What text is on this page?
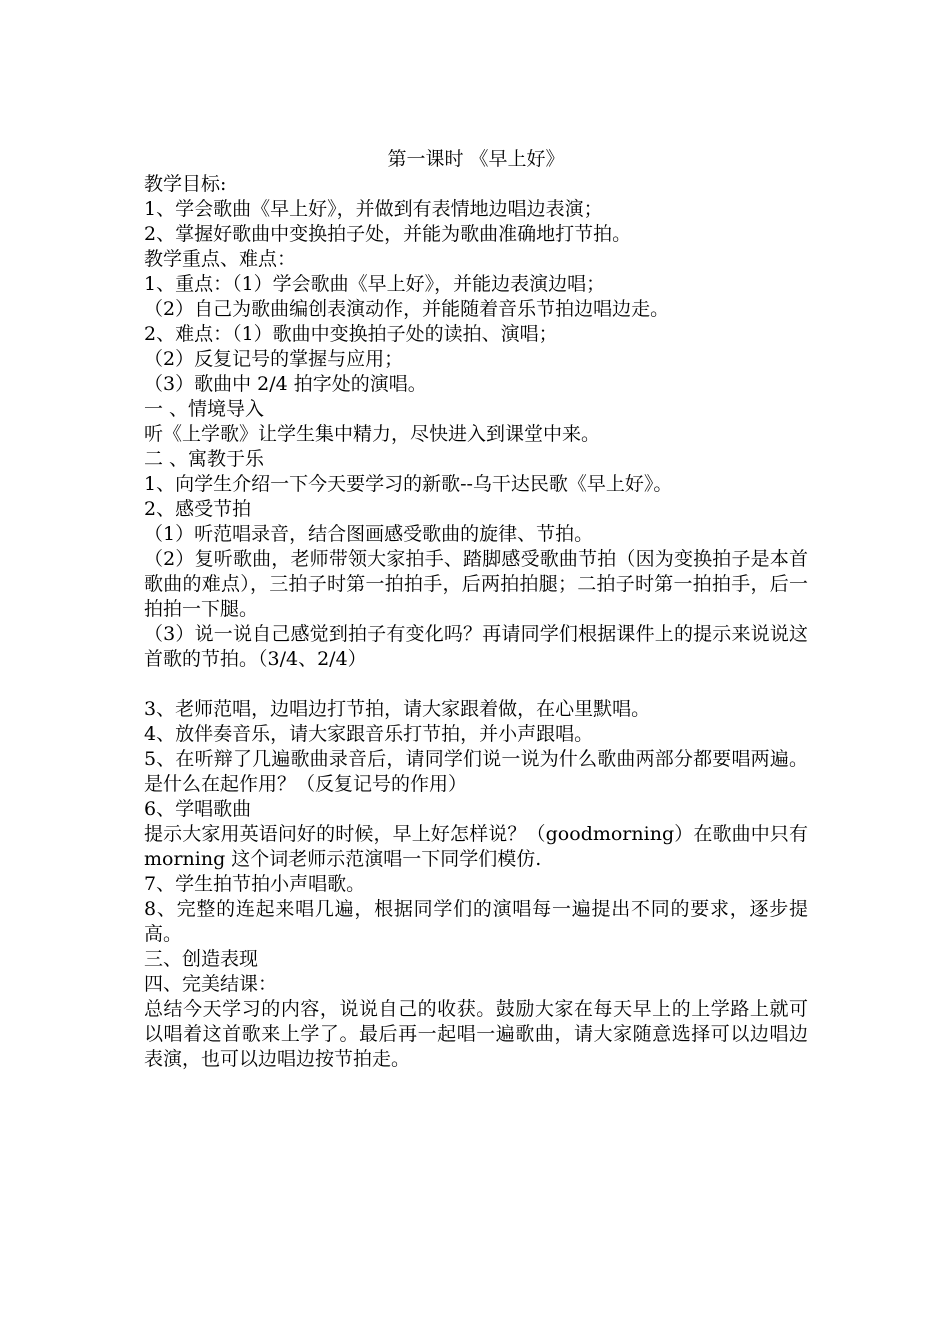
第一课时 《早上好》

教学目标:

1、学会歌曲《早上好》，并做到有表情地边唱边表演；

2、掌握好歌曲中变换拍子处，并能为歌曲准确地打节拍。

教学重点、难点：

1、重点：（1）学会歌曲《早上好》，并能边表演边唱；

（2）自己为歌曲编创表演动作，并能随着音乐节拍边唱边走。

2、难点：（1）歌曲中变换拍子处的读拍、演唱；

（2）反复记号的掌握与应用；

（3）歌曲中 2/4 拍字处的演唱。

一 、情境导入

听《上学歌》让学生集中精力，尽快进入到课堂中来。

二 、寓教于乐

1、向学生介绍一下今天要学习的新歌--乌干达民歌《早上好》。

2、感受节拍

（1）听范唱录音，结合图画感受歌曲的旋律、节拍。

（2）复听歌曲，老师带领大家拍手、踏脚感受歌曲节拍（因为变换拍子是本首歌曲的难点），三拍子时第一拍拍手，后两拍拍腿；二拍子时第一拍拍手，后一拍拍一下腿。

（3）说一说自己感觉到拍子有变化吗？再请同学们根据课件上的提示来说说这首歌的节拍。（3/4、2/4）

3、老师范唱，边唱边打节拍，请大家跟着做，在心里默唱。

4、放伴奏音乐，请大家跟音乐打节拍，并小声跟唱。

5、在听辩了几遍歌曲录音后，请同学们说一说为什么歌曲两部分都要唱两遍。是什么在起作用？（反复记号的作用）

6、学唱歌曲

提示大家用英语问好的时候，早上好怎样说？（goodmorning）在歌曲中只有 morning 这个词老师示范演唱一下同学们模仿.

7、学生拍节拍小声唱歌。

8、完整的连起来唱几遍，根据同学们的演唱每一遍提出不同的要求，逐步提高。

三、创造表现

四、完美结课：

总结今天学习的内容，说说自己的收获。鼓励大家在每天早上的上学路上就可以唱着这首歌来上学了。最后再一起唱一遍歌曲，请大家随意选择可以边唱边表演，也可以边唱边按节拍走。
